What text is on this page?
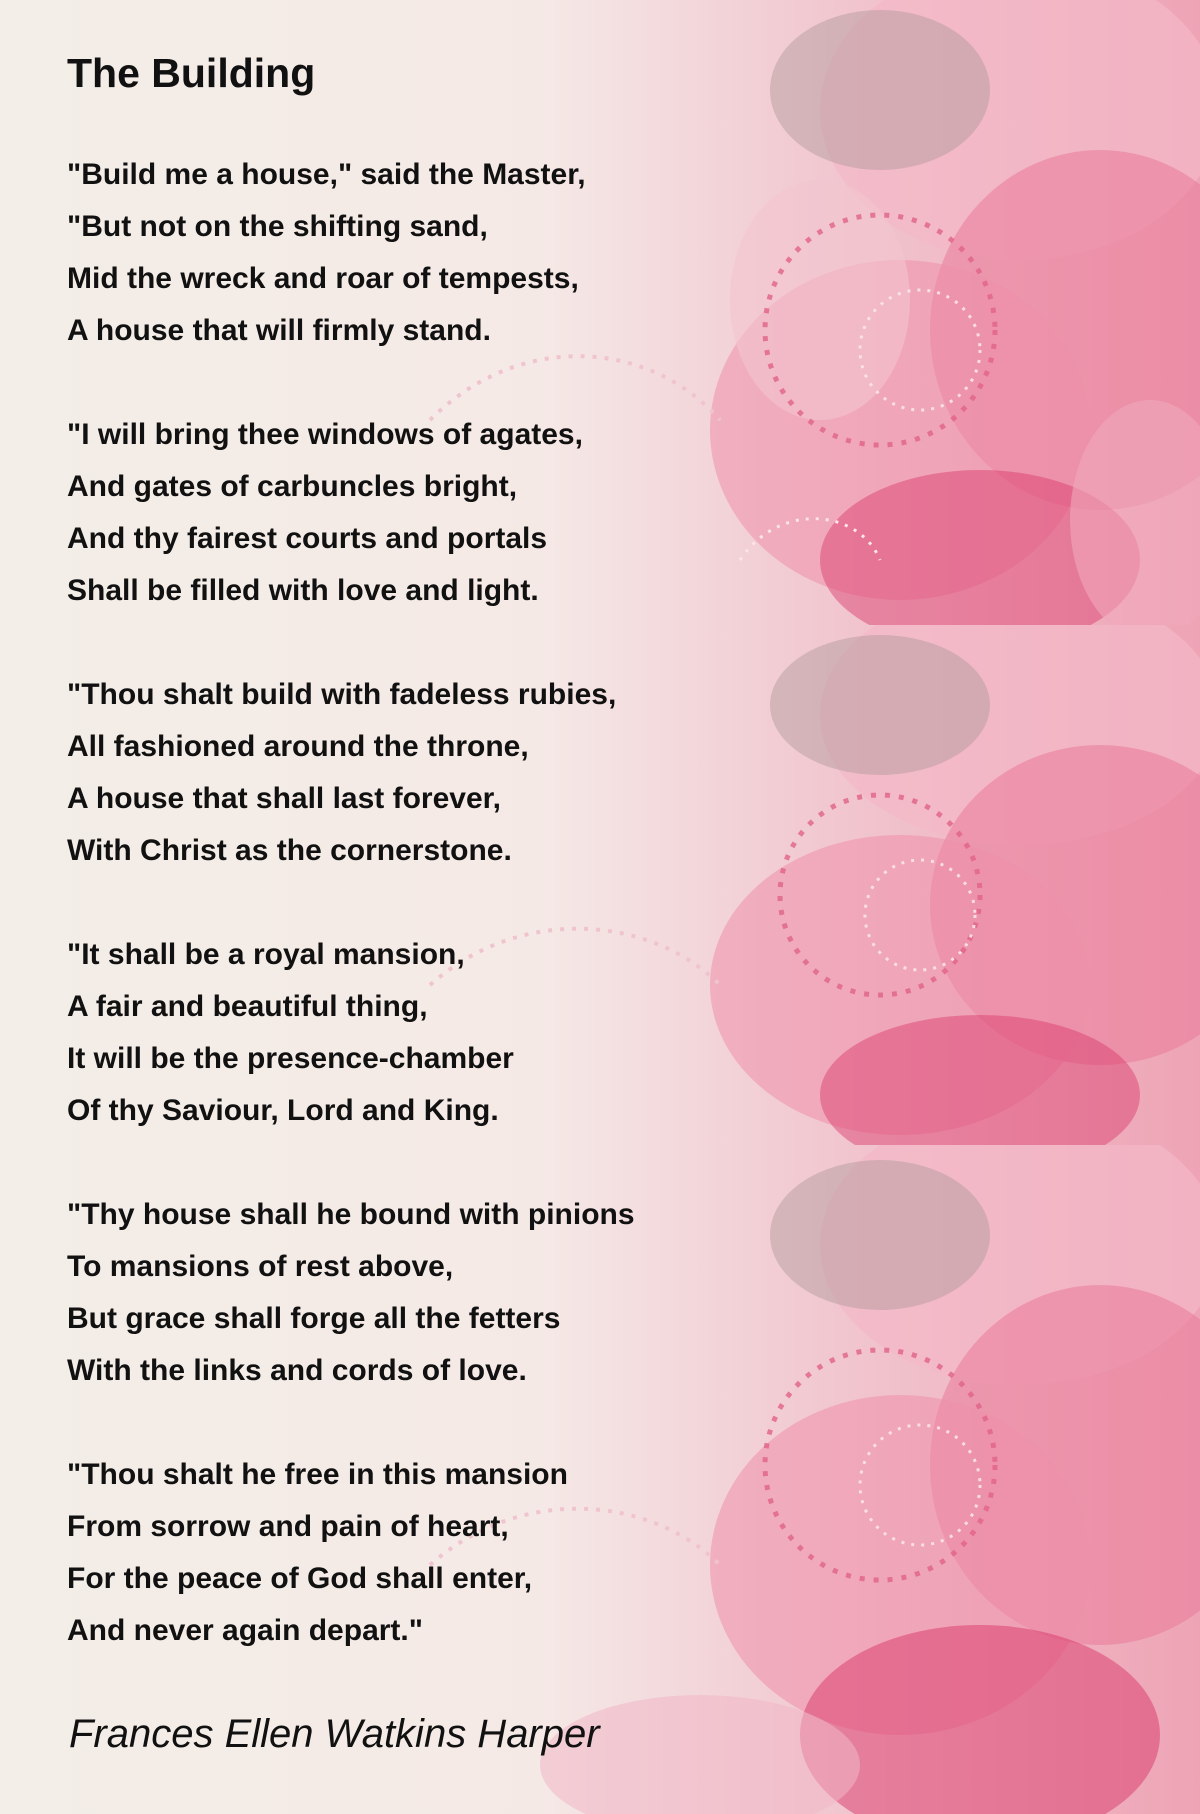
The Building
"Build me a house," said the Master,
"But not on the shifting sand,
Mid the wreck and roar of tempests,
A house that will firmly stand.
"I will bring thee windows of agates,
And gates of carbuncles bright,
And thy fairest courts and portals
Shall be filled with love and light.
"Thou shalt build with fadeless rubies,
All fashioned around the throne,
A house that shall last forever,
With Christ as the cornerstone.
"It shall be a royal mansion,
A fair and beautiful thing,
It will be the presence-chamber
Of thy Saviour, Lord and King.
"Thy house shall he bound with pinions
To mansions of rest above,
But grace shall forge all the fetters
With the links and cords of love.
"Thou shalt he free in this mansion
From sorrow and pain of heart,
For the peace of God shall enter,
And never again depart."
Frances Ellen Watkins Harper
